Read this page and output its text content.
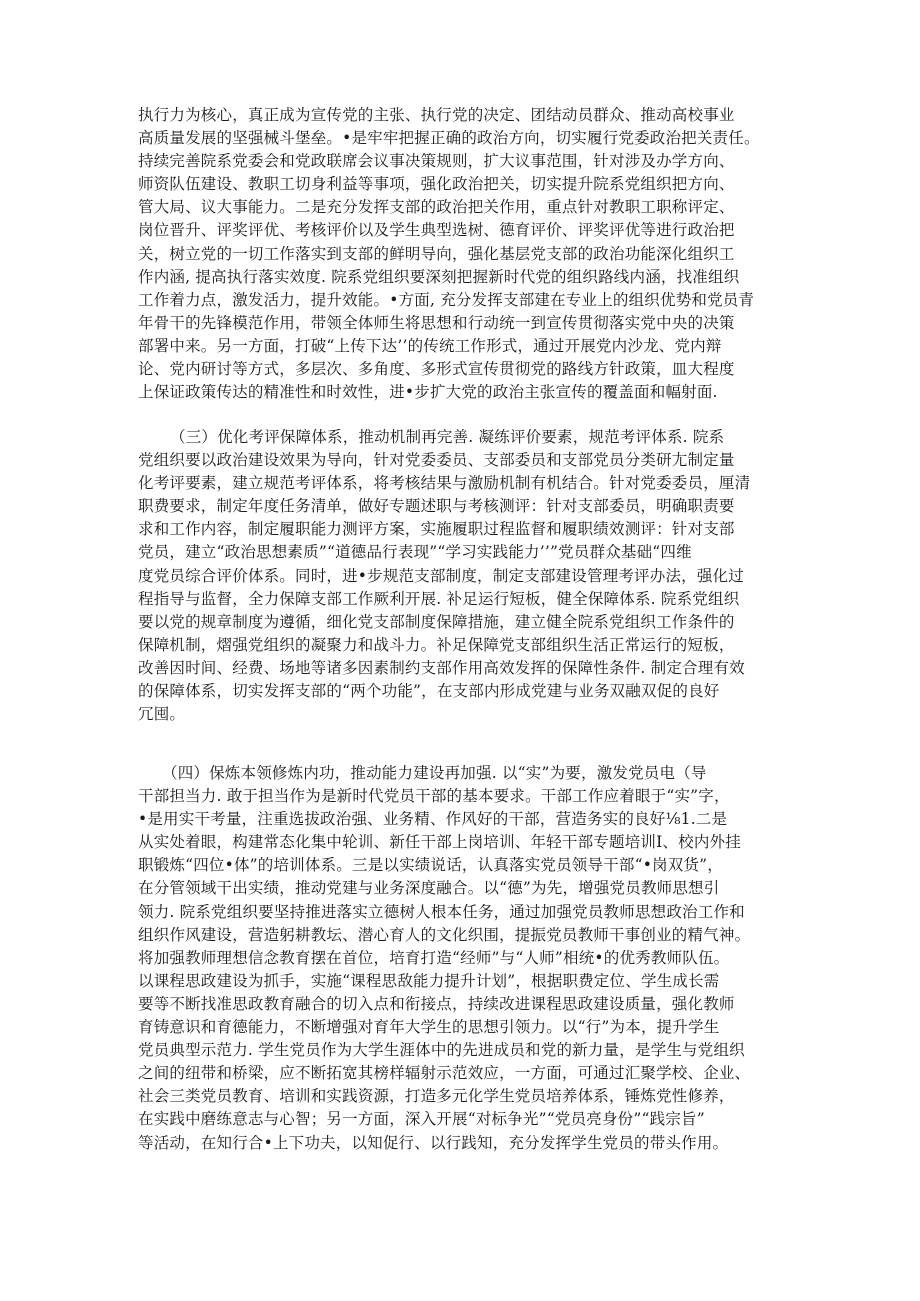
执行力为核心，真正成为宣传党的主张、执行党的决定、团结动员群众、推动高校事业
高质量发展的坚强械斗堡垒。•是牢牢把握正确的政治方向，切实履行党委政治把关责任。
持续完善院系党委会和党政联席会议事决策规则，扩大议事范围，针对涉及办学方向、
师资队伍建设、教职工切身利益等事项，强化政治把关，切实提升院系党组织把方向、
管大局、议大事能力。二是充分发挥支部的政治把关作用，重点针对教职工职称评定、
岗位晋升、评奖评优、考核评价以及学生典型选树、德育评价、评奖评优等进行政治把
关，树立党的一切工作落实到支部的鲜明导向，强化基层党支部的政治功能深化组织工
作内涵, 提高执行落实效度. 院系党组织要深刻把握新时代党的组织路线内涵，找准组织
工作着力点，激发活力，提升效能。•方面, 充分发挥支部建在专业上的组织优势和党员青
年骨干的先锋模范作用，带领全体师生将思想和行动统一到宣传贯彻落实党中央的决策
部署中来。另一方面，打破“上传下达’’的传统工作形式，通过开展党内沙龙、党内辩
论、党内研讨等方式，多层次、多角度、多形式宣传贯彻党的路线方针政策，皿大程度
上保证政策传达的精准性和时效性，进•步扩大党的政治主张宣传的覆盖面和幅射面.
（三）优化考评保障体系，推动机制再完善. 凝练评价要素，规范考评体系. 院系
党组织要以政治建设效果为导向，针对党委委员、支部委员和支部党员分类研尢制定量
化考评要素，建立规范考评体系，将考核结果与激励机制有机结合。针对党委委员，厘清
职费要求，制定年度任务清单，做好专题述职与考核测评：针对支部委员，明确职责要
求和工作内容，制定履职能力测评方案，实施履职过程监督和履职绩效测评：针对支部
党员，建立“政治思想素质”“道德品行表现”“学习实践能力’’”党员群众基础“四维
度党员综合评价体系。同时，进•步规范支部制度，制定支部建设管理考评办法，强化过
程指导与监督，全力保障支部工作厥利开展. 补足运行短板，健全保障体系. 院系党组织
要以党的规章制度为遵循，细化党支部制度保障措施，建立健全院系党组织工作条件的
保障机制，熠强党组织的凝聚力和战斗力。补足保障党支部组织生活正常运行的短板，
改善因时间、经费、场地等诸多因素制约支部作用高效发挥的保障性条件. 制定合理有效
的保障体系，切实发挥支部的“两个功能”，在支部内形成党建与业务双融双促的良好
冗囤。
（四）保炼本领修炼内功，推动能力建设再加强. 以“实”为要，激发党员电（导
干部担当力. 敢于担当作为是新时代党员干部的基本要求。干部工作应着眼于“实”字，
•是用实干考量，注重选拔政治强、业务精、作风好的干部，营造务实的良好⅛1.二是
从实处着眼，构建常态化集中轮训、新任干部上岗培训、年轻干部专题培训I、校内外挂
职锻炼“四位•体”的培训体系。三是以实绩说话，认真落实党员领导干部“•岗双货”，
在分管领域干出实绩，推动党建与业务深度融合。以“德”为先，增强党员教师思想引
领力. 院系党组织要坚持推进落实立德树人根本任务，通过加强党员教师思想政治工作和
组织作风建设，营造躬耕教坛、潜心育人的文化织围，提振党员教师干事创业的精气神。
将加强教师理想信念教育摆在首位，培育打造“经师”与“人师”相统•的优秀教师队伍。
以课程思政建设为抓手，实施“课程思敌能力提升计划”，根据职费定位、学生成长需
要等不断找准思政教育融合的切入点和衔接点，持续改进课程思政建设质量，强化教师
育铸意识和育德能力，不断增强对育年大学生的思想引领力。以“行”为本，提升学生
党员典型示范力. 学生党员作为大学生涯体中的先进成员和党的新力量，是学生与党组织
之间的纽带和桥梁，应不断拓宽其榜样辐射示范效应，一方面，可通过汇聚学校、企业、
社会三类党员教育、培训和实践资源，打造多元化学生党员培养体系，锤炼党性修养，
在实践中磨练意志与心智；另一方面，深入开展“对标争光”“党员亮身份”“践宗旨”
等活动，在知行合•上下功夫，以知促行、以行践知，充分发挥学生党员的带头作用。
